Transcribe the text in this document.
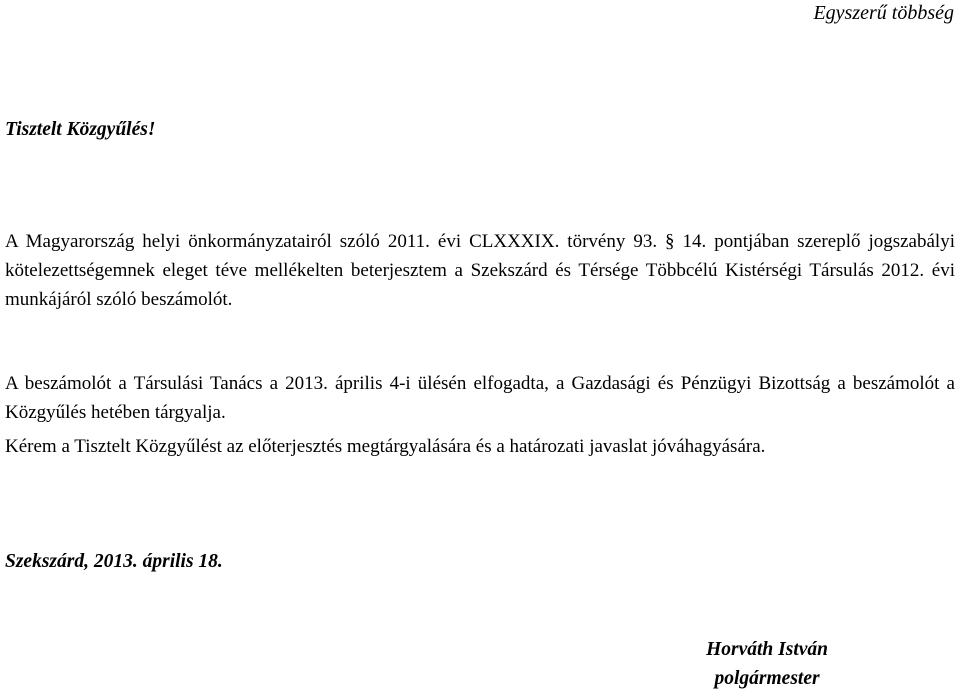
Egyszerű többség
Tisztelt Közgyűlés!

A Magyarország helyi önkormányzatairól szóló 2011. évi CLXXXIX. törvény 93. § 14. pontjában szereplő jogszabályi kötelezettségemnek eleget téve mellékelten beterjesztem a Szekszárd és Térsége Többcélú Kistérségi Társulás 2012. évi munkájáról szóló beszámolót.

A beszámolót a Társulási Tanács a 2013. április 4-i ülésén elfogadta, a Gazdasági és Pénzügyi Bizottság a beszámolót a Közgyűlés hetében tárgyalja.

Kérem a Tisztelt Közgyűlést az előterjesztés megtárgyalására és a határozati javaslat jóváhagyására.

Szekszárd, 2013. április 18.
Horváth István
polgármester
